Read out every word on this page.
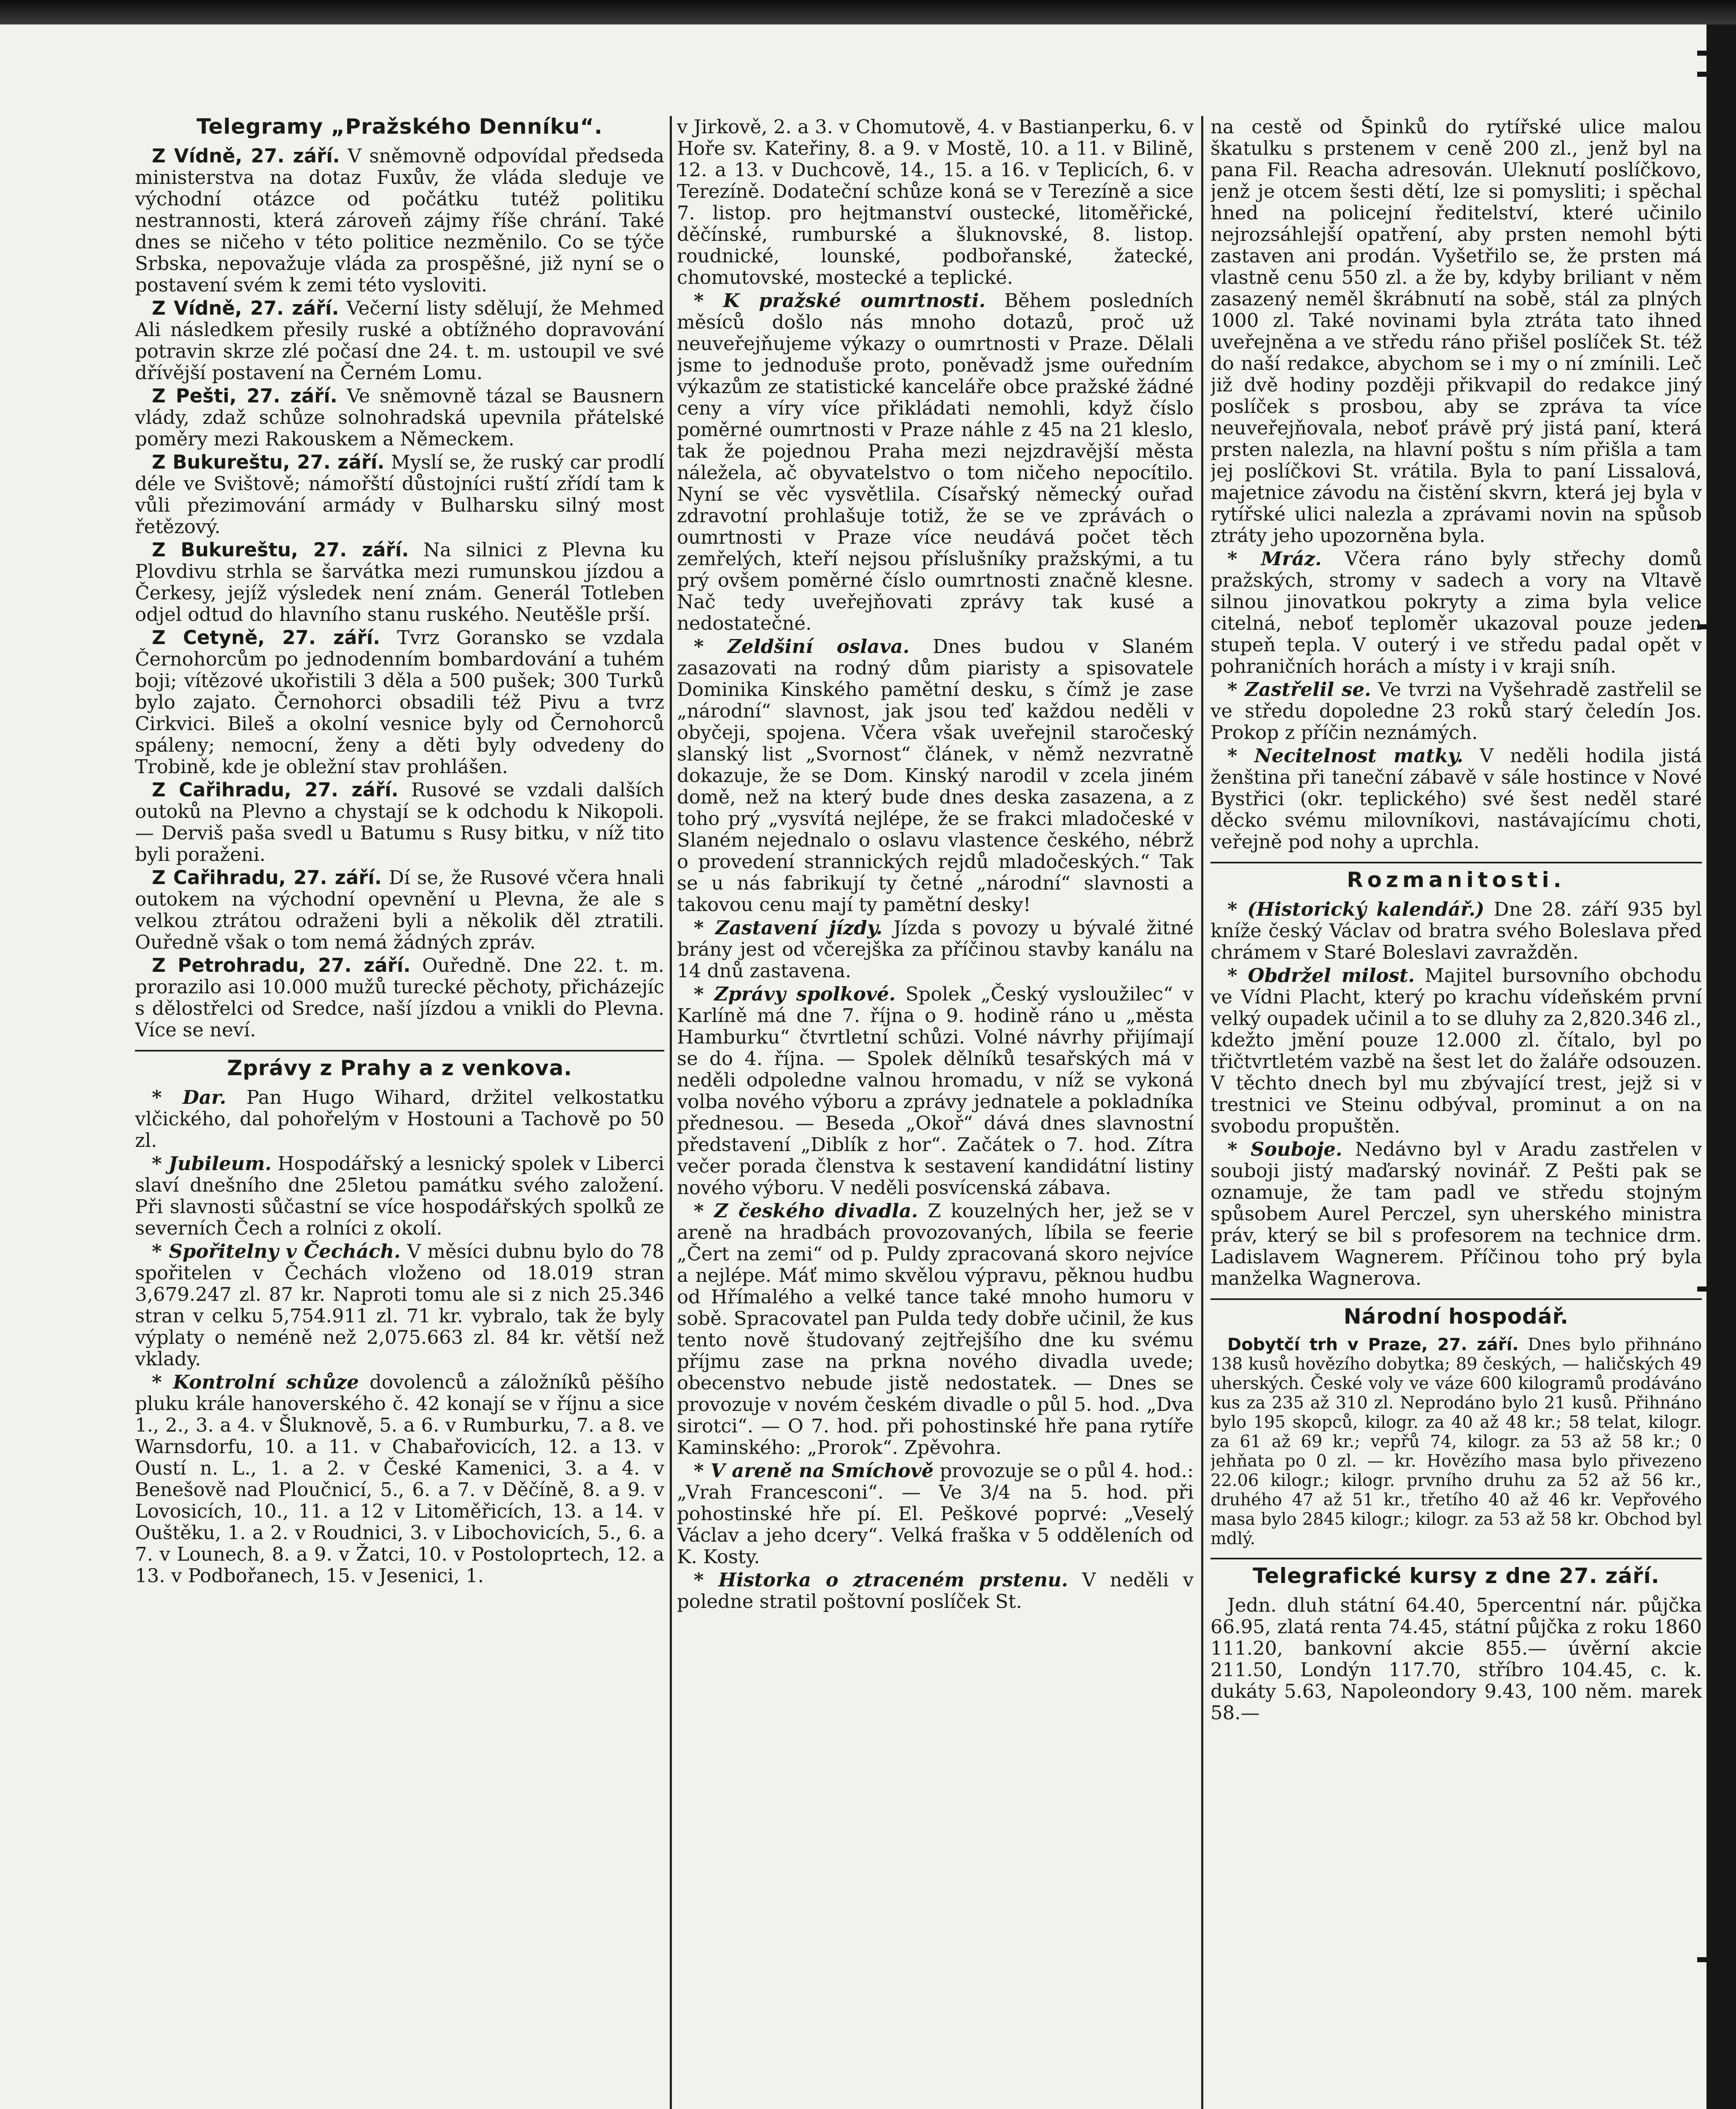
Telegramy „Pražského Denníku“.

Z Vídně, 27. září. V sněmovně odpovídal předseda ministerstva na dotaz Fuxův, že vláda sleduje ve východní otázce od počátku tutéž politiku nestrannosti, která zároveň zájmy říše chrání. Také dnes se ničeho v této politice nezměnilo. Co se týče Srbska, nepovažuje vláda za prospěšné, již nyní se o postavení svém k zemi této vysloviti.

Z Vídně, 27. září. Večerní listy sdělují, že Mehmed Ali následkem přesily ruské a obtížného dopravování potravin skrze zlé počasí dne 24. t. m. ustoupil ve své dřívější postavení na Černém Lomu.

Z Pešti, 27. září. Ve sněmovně tázal se Bausnern vlády, zdaž schůze solnohradská upevnila přátelské poměry mezi Rakouskem a Německem.

Z Bukureštu, 27. září. Myslí se, že ruský car prodlí déle ve Svištově; námořští důstojníci ruští zřídí tam k vůli přezimování armády v Bulharsku silný most řetězový.

Z Bukureštu, 27. září. Na silnici z Plevna ku Plovdivu strhla se šarvátka mezi rumunskou jízdou a Čerkesy, jejíž výsledek není znám. Generál Totleben odjel odtud do hlavního stanu ruského. Neutěšle prší.

Z Cetyně, 27. září. Tvrz Goransko se vzdala Černohorcům po jednodenním bombardování a tuhém boji; vítězové ukořistili 3 děla a 500 pušek; 300 Turků bylo zajato. Černohorci obsadili též Pivu a tvrz Cirkvici. Bileš a okolní vesnice byly od Černohorců spáleny; nemocní, ženy a děti byly odvedeny do Trobině, kde je obležní stav prohlášen.

Z Cařihradu, 27. září. Rusové se vzdali dalších outoků na Plevno a chystají se k odchodu k Nikopoli. — Derviš paša svedl u Batumu s Rusy bitku, v níž tito byli poraženi.

Z Cařihradu, 27. září. Dí se, že Rusové včera hnali outokem na východní opevnění u Plevna, že ale s velkou ztrátou odraženi byli a několik děl ztratili. Ouředně však o tom nemá žádných zpráv.

Z Petrohradu, 27. září. Ouředně. Dne 22. t. m. prorazilo asi 10.000 mužů turecké pěchoty, přicházejíc s dělostřelci od Sredce, naší jízdou a vnikli do Plevna. Více se neví.

Zprávy z Prahy a z venkova.

* Dar. Pan Hugo Wihard, držitel velkostatku vlčického, dal pohořelým v Hostouni a Tachově po 50 zl.

* Jubileum. Hospodářský a lesnický spolek v Liberci slaví dnešního dne 25letou památku svého založení. Při slavnosti sůčastní se více hospodářských spolků ze severních Čech a rolníci z okolí.

* Spořitelny v Čechách. V měsíci dubnu bylo do 78 spořitelen v Čechách vloženo od 18.019 stran 3,679.247 zl. 87 kr. Naproti tomu ale si z nich 25.346 stran v celku 5,754.911 zl. 71 kr. vybralo, tak že byly výplaty o neméně než 2,075.663 zl. 84 kr. větší než vklady.

* Kontrolní schůze dovolenců a záložníků pěšího pluku krále hanoverského č. 42 konají se v říjnu a sice 1., 2., 3. a 4. v Šluknově, 5. a 6. v Rumburku, 7. a 8. ve Warnsdorfu, 10. a 11. v Chabařovicích, 12. a 13. v Oustí n. L., 1. a 2. v České Kamenici, 3. a 4. v Benešově nad Ploučnicí, 5., 6. a 7. v Děčíně, 8. a 9. v Lovosicích, 10., 11. a 12 v Litoměřicích, 13. a 14. v Ouštěku, 1. a 2. v Roudnici, 3. v Libochovicích, 5., 6. a 7. v Lounech, 8. a 9. v Žatci, 10. v Postoloprtech, 12. a 13. v Podbořanech, 15. v Jesenici, 1.

v Jirkově, 2. a 3. v Chomutově, 4. v Bastianperku, 6. v Hoře sv. Kateřiny, 8. a 9. v Mostě, 10. a 11. v Bilině, 12. a 13. v Duchcově, 14., 15. a 16. v Teplicích, 6. v Terezíně. Dodateční schůze koná se v Terezíně a sice 7. listop. pro hejtmanství oustecké, litoměřické, děčínské, rumburské a šluknovské, 8. listop. roudnické, lounské, podbořanské, žatecké, chomutovské, mostecké a teplické.

* K pražské oumrtnosti. Během posledních měsíců došlo nás mnoho dotazů, proč už neuveřejňujeme výkazy o oumrtnosti v Praze. Dělali jsme to jednoduše proto, poněvadž jsme ouředním výkazům ze statistické kanceláře obce pražské žádné ceny a víry více přikládati nemohli, když číslo poměrné oumrtnosti v Praze náhle z 45 na 21 kleslo, tak že pojednou Praha mezi nejzdravější města náležela, ač obyvatelstvo o tom ničeho nepocítilo. Nyní se věc vysvětlila. Císařský německý ouřad zdravotní prohlašuje totiž, že se ve zprávách o oumrtnosti v Praze více neudává počet těch zemřelých, kteří nejsou příslušníky pražskými, a tu prý ovšem poměrné číslo oumrtnosti značně klesne. Nač tedy uveřejňovati zprávy tak kusé a nedostatečné.

* Zeldšiní oslava. Dnes budou v Slaném zasazovati na rodný dům piaristy a spisovatele Dominika Kinského pamětní desku, s čímž je zase „národní“ slavnost, jak jsou teď každou neděli v obyčeji, spojena. Včera však uveřejnil staročeský slanský list „Svornost“ článek, v němž nezvratně dokazuje, že se Dom. Kinský narodil v zcela jiném domě, než na který bude dnes deska zasazena, a z toho prý „vysvítá nejlépe, že se frakci mladočeské v Slaném nejednalo o oslavu vlastence českého, nébrž o provedení strannických rejdů mladočeských.“ Tak se u nás fabrikují ty četné „národní“ slavnosti a takovou cenu mají ty pamětní desky!

* Zastavení jízdy. Jízda s povozy u bývalé žitné brány jest od včerejška za příčinou stavby kanálu na 14 dnů zastavena.

* Zprávy spolkové. Spolek „Český vysloužilec“ v Karlíně má dne 7. října o 9. hodině ráno u „města Hamburku“ čtvrtletní schůzi. Volné návrhy přijímají se do 4. října. — Spolek dělníků tesařských má v neděli odpoledne valnou hromadu, v níž se vykoná volba nového výboru a zprávy jednatele a pokladníka přednesou. — Beseda „Okoř“ dává dnes slavnostní představení „Diblík z hor“. Začátek o 7. hod. Zítra večer porada členstva k sestavení kandidátní listiny nového výboru. V neděli posvícenská zábava.

* Z českého divadla. Z kouzelných her, jež se v areně na hradbách provozovaných, líbila se feerie „Čert na zemi“ od p. Puldy zpracovaná skoro nejvíce a nejlépe. Máť mimo skvělou výpravu, pěknou hudbu od Hřímalého a velké tance také mnoho humoru v sobě. Spracovatel pan Pulda tedy dobře učinil, že kus tento nově študovaný zejtřejšího dne ku svému příjmu zase na prkna nového divadla uvede; obecenstvo nebude jistě nedostatek. — Dnes se provozuje v novém českém divadle o půl 5. hod. „Dva sirotci“. — O 7. hod. při pohostinské hře pana rytíře Kaminského: „Prorok“. Zpěvohra.

* V areně na Smíchově provozuje se o půl 4. hod.: „Vrah Francesconi“. — Ve 3/4 na 5. hod. při pohostinské hře pí. El. Peškové poprvé: „Veselý Václav a jeho dcery“. Velká fraška v 5 odděleních od K. Kosty.

* Historka o ztraceném prstenu. V neděli v poledne stratil poštovní poslíček St.

na cestě od Špinků do rytířské ulice malou škatulku s prstenem v ceně 200 zl., jenž byl na pana Fil. Reacha adresován. Uleknutí poslíčkovo, jenž je otcem šesti dětí, lze si pomysliti; i spěchal hned na policejní ředitelství, které učinilo nejrozsáhlejší opatření, aby prsten nemohl býti zastaven ani prodán. Vyšetřilo se, že prsten má vlastně cenu 550 zl. a že by, kdyby briliant v něm zasazený neměl škrábnutí na sobě, stál za plných 1000 zl. Také novinami byla ztráta tato ihned uveřejněna a ve středu ráno přišel poslíček St. též do naší redakce, abychom se i my o ní zmínili. Leč již dvě hodiny později přikvapil do redakce jiný poslíček s prosbou, aby se zpráva ta více neuveřejňovala, neboť právě prý jistá paní, která prsten nalezla, na hlavní poštu s ním přišla a tam jej poslíčkovi St. vrátila. Byla to paní Lissalová, majetnice závodu na čistění skvrn, která jej byla v rytířské ulici nalezla a zprávami novin na spůsob ztráty jeho upozorněna byla.

* Mráz. Včera ráno byly střechy domů pražských, stromy v sadech a vory na Vltavě silnou jinovatkou pokryty a zima byla velice citelná, neboť teploměr ukazoval pouze jeden stupeň tepla. V outerý i ve středu padal opět v pohraničních horách a místy i v kraji sníh.

* Zastřelil se. Ve tvrzi na Vyšehradě zastřelil se ve středu dopoledne 23 roků starý čeledín Jos. Prokop z příčin neznámých.

* Necitelnost matky. V neděli hodila jistá ženština při taneční zábavě v sále hostince v Nové Bystřici (okr. teplického) své šest neděl staré děcko svému milovníkovi, nastávajícímu choti, veřejně pod nohy a uprchla.

Rozmanitosti.

* (Historický kalendář.) Dne 28. září 935 byl kníže český Václav od bratra svého Boleslava před chrámem v Staré Boleslavi zavražděn.

* Obdržel milost. Majitel bursovního obchodu ve Vídni Placht, který po krachu vídeňském první velký oupadek učinil a to se dluhy za 2,820.346 zl., kdežto jmění pouze 12.000 zl. čítalo, byl po třičtvrtletém vazbě na šest let do žaláře odsouzen. V těchto dnech byl mu zbývající trest, jejž si v trestnici ve Steinu odbýval, prominut a on na svobodu propuštěn.

* Souboje. Nedávno byl v Aradu zastřelen v souboji jistý maďarský novinář. Z Pešti pak se oznamuje, že tam padl ve středu stojným spůsobem Aurel Perczel, syn uherského ministra práv, který se bil s profesorem na technice drm. Ladislavem Wagnerem. Příčinou toho prý byla manželka Wagnerova.

Národní hospodář.

Dobytčí trh v Praze, 27. září. Dnes bylo přihnáno 138 kusů hovězího dobytka; 89 českých, — haličských 49 uherských. České voly ve váze 600 kilogramů prodáváno kus za 235 až 310 zl. Neprodáno bylo 21 kusů. Přihnáno bylo 195 skopců, kilogr. za 40 až 48 kr.; 58 telat, kilogr. za 61 až 69 kr.; vepřů 74, kilogr. za 53 až 58 kr.; 0 jehňata po 0 zl. — kr. Hovězího masa bylo přivezeno 22.06 kilogr.; kilogr. prvního druhu za 52 až 56 kr., druhého 47 až 51 kr., třetího 40 až 46 kr. Vepřového masa bylo 2845 kilogr.; kilogr. za 53 až 58 kr. Obchod byl mdlý.

Telegrafické kursy z dne 27. září.

Jedn. dluh státní 64.40, 5percentní nár. půjčka 66.95, zlatá renta 74.45, státní půjčka z roku 1860 111.20, bankovní akcie 855.— úvěrní akcie 211.50, Londýn 117.70, stříbro 104.45, c. k. dukáty 5.63, Napoleondory 9.43, 100 něm. marek 58.—
